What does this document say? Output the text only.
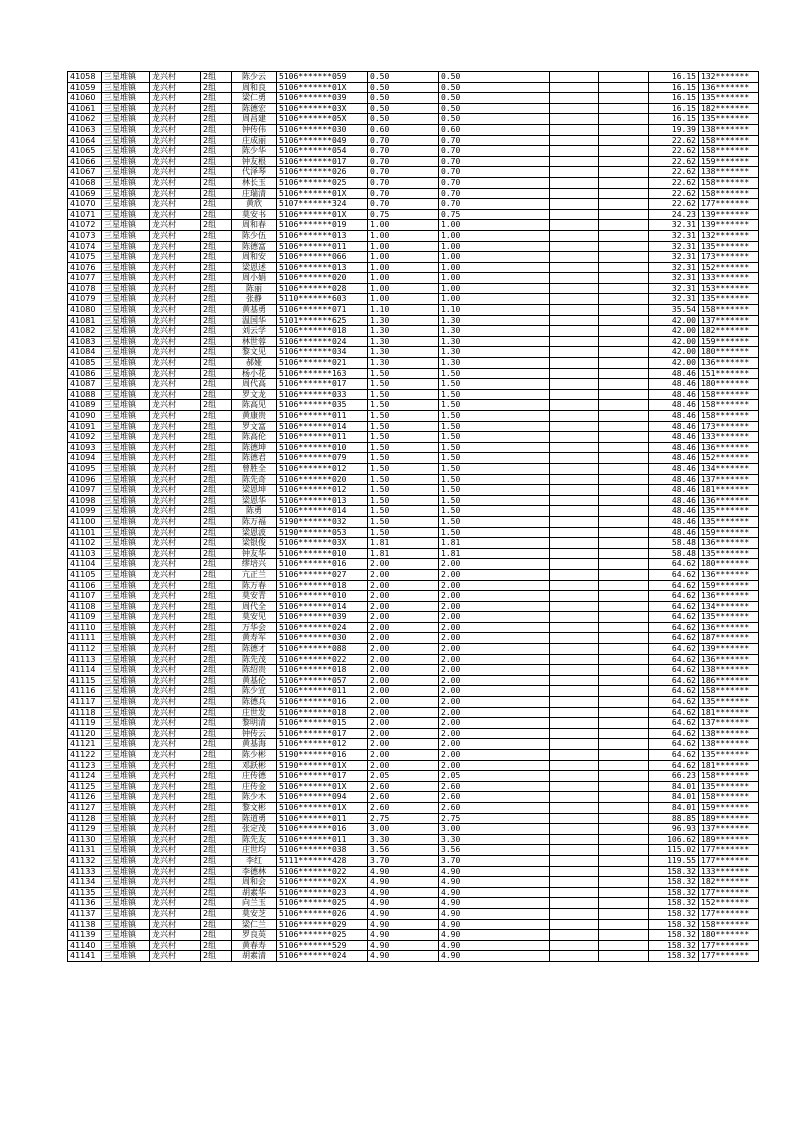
41058	三星堆镇	龙兴村	2组	陈少云	5106*******059	0.50	0.50			16.15	132*******
41059	三星堆镇	龙兴村	2组	周和良	5106*******01X	0.50	0.50			16.15	136*******
41060	三星堆镇	龙兴村	2组	梁仁勇	5106*******039	0.50	0.50			16.15	135*******
41061	三星堆镇	龙兴村	2组	陈德宏	5106*******03X	0.50	0.50			16.15	182*******
41062	三星堆镇	龙兴村	2组	周昌建	5106*******05X	0.50	0.50			16.15	135*******
41063	三星堆镇	龙兴村	2组	钟传伟	5106*******030	0.60	0.60			19.39	138*******
41064	三星堆镇	龙兴村	2组	庄成丽	5106*******049	0.70	0.70			22.62	158*******
41065	三星堆镇	龙兴村	2组	陈少华	5106*******054	0.70	0.70			22.62	158*******
41066	三星堆镇	龙兴村	2组	钟友根	5106*******017	0.70	0.70			22.62	159*******
41067	三星堆镇	龙兴村	2组	代泽琴	5106*******026	0.70	0.70			22.62	138*******
41068	三星堆镇	龙兴村	2组	林长玉	5106*******025	0.70	0.70			22.62	158*******
41069	三星堆镇	龙兴村	2组	庄瑞清	5106*******01X	0.70	0.70			22.62	158*******
41070	三星堆镇	龙兴村	2组	黄欣	5107*******324	0.70	0.70			22.62	177*******
41071	三星堆镇	龙兴村	2组	莫安书	5106*******01X	0.75	0.75			24.23	139*******
41072	三星堆镇	龙兴村	2组	周和春	5106*******019	1.00	1.00			32.31	139*******
41073	三星堆镇	龙兴村	2组	陈少伍	5106*******013	1.00	1.00			32.31	132*******
41074	三星堆镇	龙兴村	2组	陈德富	5106*******011	1.00	1.00			32.31	135*******
41075	三星堆镇	龙兴村	2组	周和安	5106*******066	1.00	1.00			32.31	173*******
41076	三星堆镇	龙兴村	2组	梁恩述	5106*******013	1.00	1.00			32.31	152*******
41077	三星堆镇	龙兴村	2组	周小娟	5106*******020	1.00	1.00			32.31	133*******
41078	三星堆镇	龙兴村	2组	陈丽	5106*******028	1.00	1.00			32.31	153*******
41079	三星堆镇	龙兴村	2组	张静	5110*******603	1.00	1.00			32.31	135*******
41080	三星堆镇	龙兴村	2组	黄基勇	5106*******071	1.10	1.10			35.54	158*******
41081	三星堆镇	龙兴村	2组	温国华	5101*******625	1.30	1.30			42.00	137*******
41082	三星堆镇	龙兴村	2组	刘云学	5106*******018	1.30	1.30			42.00	182*******
41083	三星堆镇	龙兴村	2组	林世蓉	5106*******024	1.30	1.30			42.00	159*******
41084	三星堆镇	龙兴村	2组	黎文见	5106*******034	1.30	1.30			42.00	180*******
41085	三星堆镇	龙兴村	2组	郝娅	5106*******021	1.30	1.30			42.00	136*******
41086	三星堆镇	龙兴村	2组	杨小花	5106*******163	1.50	1.50			48.46	151*******
41087	三星堆镇	龙兴村	2组	周代高	5106*******017	1.50	1.50			48.46	180*******
41088	三星堆镇	龙兴村	2组	罗文龙	5106*******033	1.50	1.50			48.46	158*******
41089	三星堆镇	龙兴村	2组	陈高见	5106*******035	1.50	1.50			48.46	158*******
41090	三星堆镇	龙兴村	2组	黄康贵	5106*******011	1.50	1.50			48.46	158*******
41091	三星堆镇	龙兴村	2组	罗文富	5106*******014	1.50	1.50			48.46	173*******
41092	三星堆镇	龙兴村	2组	陈高伦	5106*******011	1.50	1.50			48.46	133*******
41093	三星堆镇	龙兴村	2组	陈德坤	5106*******010	1.50	1.50			48.46	136*******
41094	三星堆镇	龙兴村	2组	陈德君	5106*******079	1.50	1.50			48.46	152*******
41095	三星堆镇	龙兴村	2组	曾胜全	5106*******012	1.50	1.50			48.46	134*******
41096	三星堆镇	龙兴村	2组	陈先奇	5106*******020	1.50	1.50			48.46	137*******
41097	三星堆镇	龙兴村	2组	梁恩坤	5106*******012	1.50	1.50			48.46	181*******
41098	三星堆镇	龙兴村	2组	梁恩华	5106*******013	1.50	1.50			48.46	136*******
41099	三星堆镇	龙兴村	2组	陈勇	5106*******014	1.50	1.50			48.46	135*******
41100	三星堆镇	龙兴村	2组	陈万福	5190*******032	1.50	1.50			48.46	135*******
41101	三星堆镇	龙兴村	2组	梁恩波	5190*******053	1.50	1.50			48.46	159*******
41102	三星堆镇	龙兴村	2组	梁银俊	5106*******03X	1.81	1.81			58.48	136*******
41103	三星堆镇	龙兴村	2组	钟友华	5106*******010	1.81	1.81			58.48	135*******
41104	三星堆镇	龙兴村	2组	缪培兴	5106*******016	2.00	2.00			64.62	180*******
41105	三星堆镇	龙兴村	2组	亢正兰	5106*******027	2.00	2.00			64.62	136*******
41106	三星堆镇	龙兴村	2组	陈万春	5106*******018	2.00	2.00			64.62	159*******
41107	三星堆镇	龙兴村	2组	莫安青	5106*******010	2.00	2.00			64.62	136*******
41108	三星堆镇	龙兴村	2组	周代全	5106*******014	2.00	2.00			64.62	134*******
41109	三星堆镇	龙兴村	2组	莫安见	5106*******039	2.00	2.00			64.62	135*******
41110	三星堆镇	龙兴村	2组	万华会	5106*******024	2.00	2.00			64.62	136*******
41111	三星堆镇	龙兴村	2组	黄寿军	5106*******030	2.00	2.00			64.62	187*******
41112	三星堆镇	龙兴村	2组	陈德才	5106*******088	2.00	2.00			64.62	139*******
41113	三星堆镇	龙兴村	2组	陈先茂	5106*******022	2.00	2.00			64.62	136*******
41114	三星堆镇	龙兴村	2组	陈绍贵	5106*******018	2.00	2.00			64.62	138*******
41115	三星堆镇	龙兴村	2组	黄基伦	5106*******057	2.00	2.00			64.62	186*******
41116	三星堆镇	龙兴村	2组	陈少宣	5106*******011	2.00	2.00			64.62	158*******
41117	三星堆镇	龙兴村	2组	陈德兵	5106*******016	2.00	2.00			64.62	135*******
41118	三星堆镇	龙兴村	2组	庄世发	5106*******018	2.00	2.00			64.62	181*******
41119	三星堆镇	龙兴村	2组	黎明清	5106*******015	2.00	2.00			64.62	137*******
41120	三星堆镇	龙兴村	2组	钟传云	5106*******017	2.00	2.00			64.62	138*******
41121	三星堆镇	龙兴村	2组	黄基海	5106*******012	2.00	2.00			64.62	138*******
41122	三星堆镇	龙兴村	2组	陈少彬	5190*******016	2.00	2.00			64.62	135*******
41123	三星堆镇	龙兴村	2组	邓跃彬	5190*******01X	2.00	2.00			64.62	181*******
41124	三星堆镇	龙兴村	2组	庄传德	5106*******017	2.05	2.05			66.23	158*******
41125	三星堆镇	龙兴村	2组	庄传金	5106*******01X	2.60	2.60			84.01	135*******
41126	三星堆镇	龙兴村	2组	陈少木	5106*******094	2.60	2.60			84.01	158*******
41127	三星堆镇	龙兴村	2组	黎文彬	5106*******01X	2.60	2.60			84.01	159*******
41128	三星堆镇	龙兴村	2组	陈道勇	5106*******011	2.75	2.75			88.85	189*******
41129	三星堆镇	龙兴村	2组	张定茂	5106*******016	3.00	3.00			96.93	137*******
41130	三星堆镇	龙兴村	2组	陈先友	5106*******011	3.30	3.30			106.62	189*******
41131	三星堆镇	龙兴村	2组	庄世均	5106*******038	3.56	3.56			115.02	177*******
41132	三星堆镇	龙兴村	2组	李红	5111*******428	3.70	3.70			119.55	177*******
41133	三星堆镇	龙兴村	2组	李德林	5106*******022	4.90	4.90			158.32	133*******
41134	三星堆镇	龙兴村	2组	周和会	5106*******02X	4.90	4.90			158.32	182*******
41135	三星堆镇	龙兴村	2组	胡素华	5106*******023	4.90	4.90			158.32	177*******
41136	三星堆镇	龙兴村	2组	向兰玉	5106*******025	4.90	4.90			158.32	152*******
41137	三星堆镇	龙兴村	2组	莫安芝	5106*******026	4.90	4.90			158.32	177*******
41138	三星堆镇	龙兴村	2组	梁仁兰	5106*******029	4.90	4.90			158.32	158*******
41139	三星堆镇	龙兴村	2组	罗良英	5106*******025	4.90	4.90			158.32	180*******
41140	三星堆镇	龙兴村	2组	黄春寿	5106*******529	4.90	4.90			158.32	177*******
41141	三星堆镇	龙兴村	2组	胡素清	5106*******024	4.90	4.90			158.32	177*******
